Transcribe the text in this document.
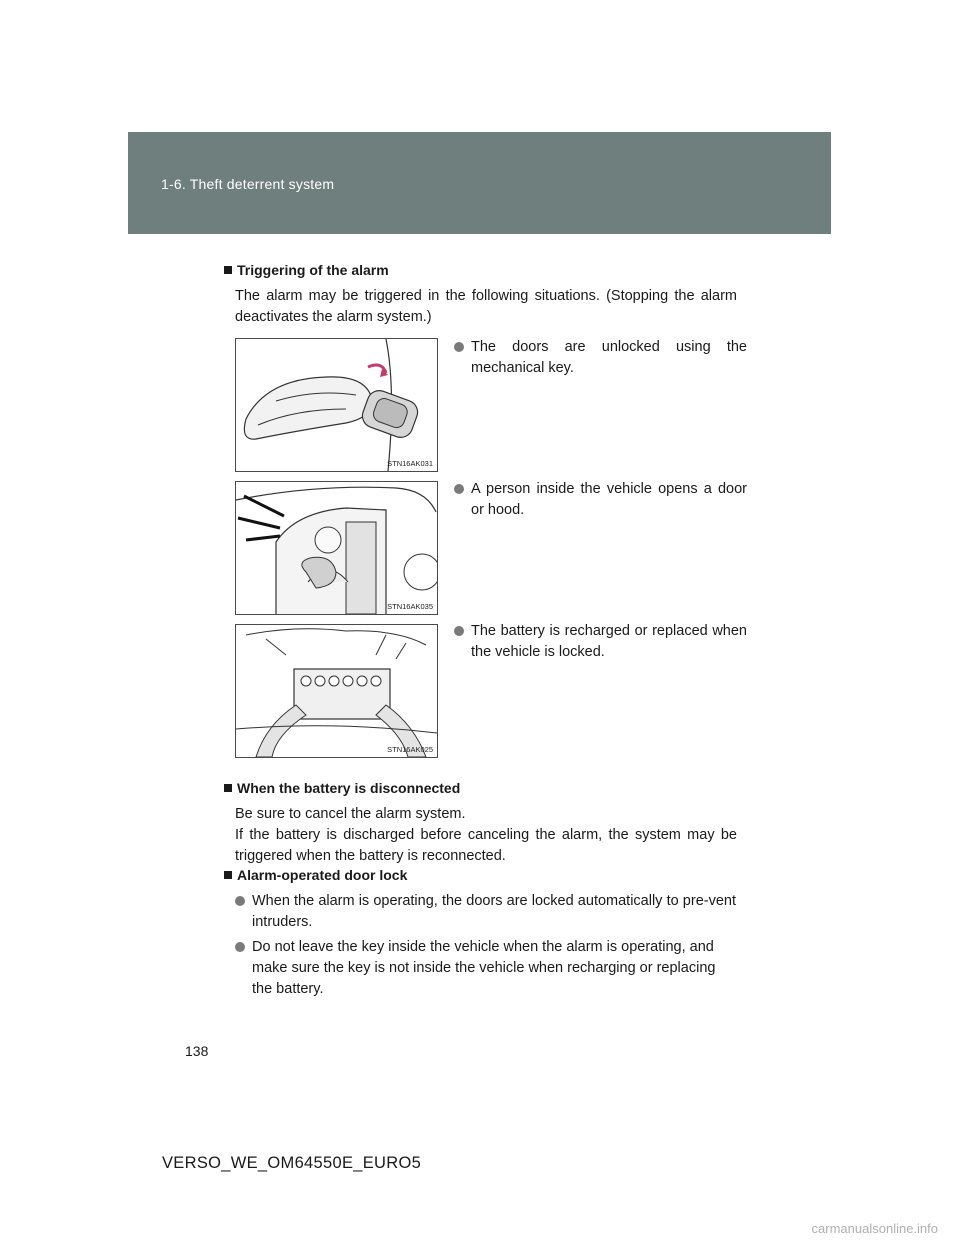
1-6. Theft deterrent system
Triggering of the alarm
The alarm may be triggered in the following situations. (Stopping the alarm deactivates the alarm system.)
STN16AK031
The doors are unlocked using the mechanical key.
STN16AK035
A person inside the vehicle opens a door or hood.
STN16AK025
The battery is recharged or replaced when the vehicle is locked.
When the battery is disconnected
Be sure to cancel the alarm system.
If the battery is discharged before canceling the alarm, the system may be triggered when the battery is reconnected.
Alarm-operated door lock
When the alarm is operating, the doors are locked automatically to pre-vent intruders.
Do not leave the key inside the vehicle when the alarm is operating, and make sure the key is not inside the vehicle when recharging or replacing the battery.
138
VERSO_WE_OM64550E_EURO5
carmanualsonline.info
